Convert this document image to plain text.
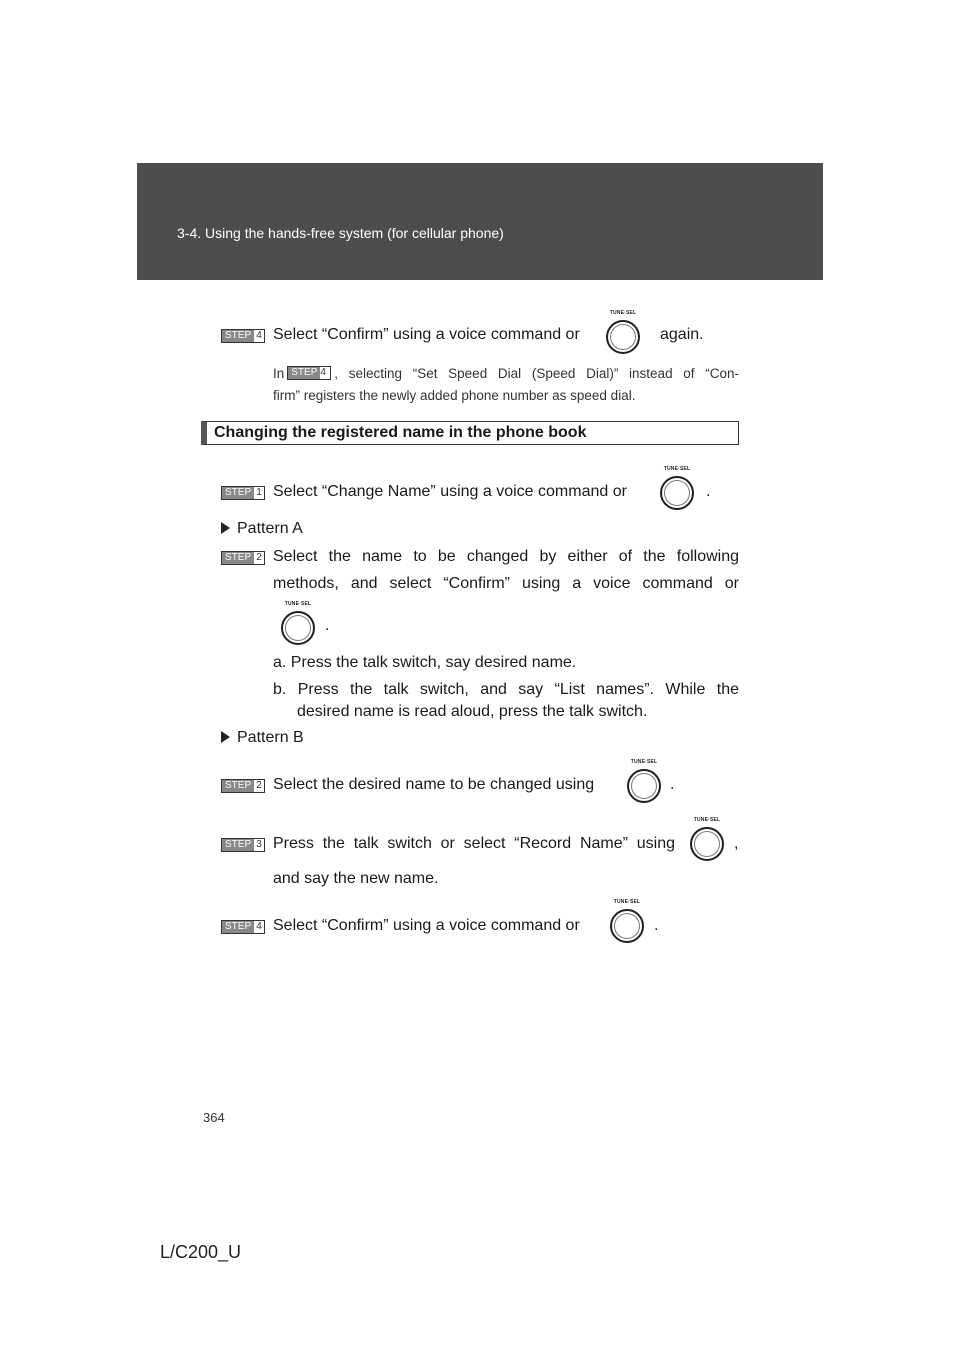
3-4. Using the hands-free system (for cellular phone)
STEP 4 Select “Confirm” using a voice command or
TUNE·SEL
again.
In STEP 4 , selecting “Set Speed Dial (Speed Dial)” instead of “Con-
firm” registers the newly added phone number as speed dial.
Changing the registered name in the phone book
STEP 1 Select “Change Name” using a voice command or
TUNE·SEL
.
Pattern A
STEP 2 Select the name to be changed by either of the following
methods, and select “Confirm” using a voice command or
TUNE·SEL
.
a. Press the talk switch, say desired name.
b. Press the talk switch, and say “List names”. While the
desired name is read aloud, press the talk switch.
Pattern B
STEP 2 Select the desired name to be changed using
TUNE·SEL
.
STEP 3 Press the talk switch or select “Record Name” using
TUNE·SEL
,
and say the new name.
STEP 4 Select “Confirm” using a voice command or
TUNE·SEL
.
364
L/C200_U
